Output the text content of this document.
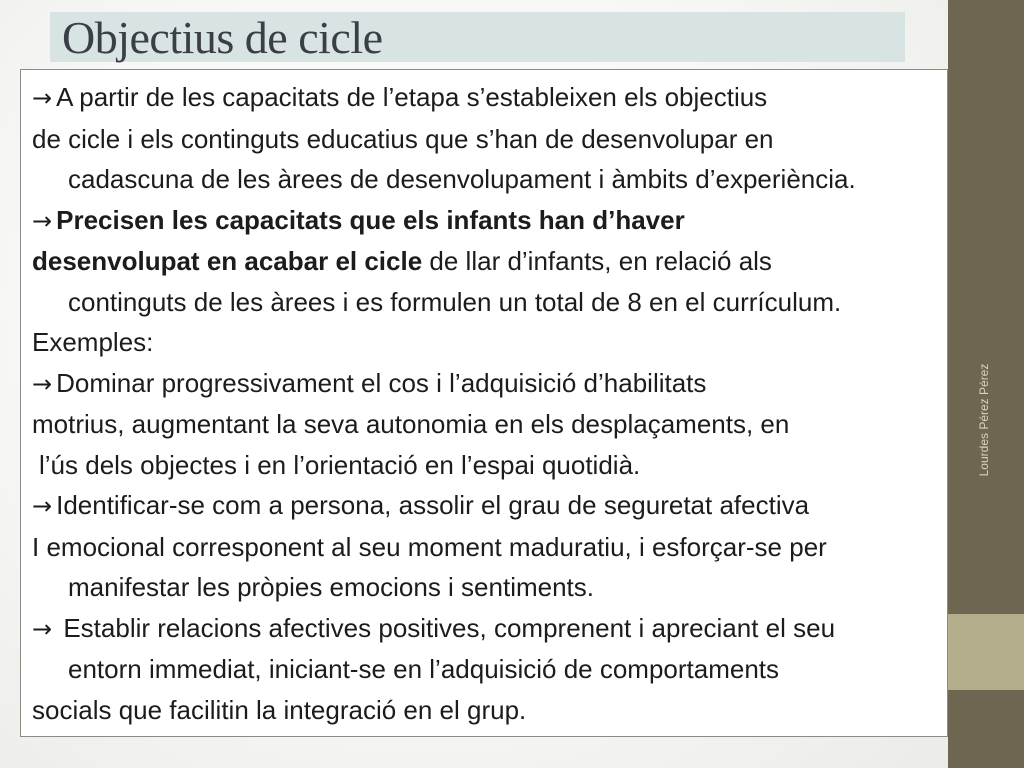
Objectius de cicle
→ A partir de les capacitats de l’etapa s’estableixen els objectius
de cicle i els continguts educatius que s’han de desenvolupar en
cadascuna de les àrees de desenvolupament i àmbits d’experiència.
→ Precisen les capacitats que els infants han d’haver
desenvolupat en acabar el cicle de llar d’infants, en relació als
continguts de les àrees i es formulen un total de 8 en el currículum.
Exemples:
→ Dominar progressivament el cos i l’adquisició d’habilitats
motrius, augmentant la seva autonomia en els desplaçaments, en
l’ús dels objectes i en l’orientació en l’espai quotidià.
→ Identificar-se com a persona, assolir el grau de seguretat afectiva
I emocional corresponent al seu moment maduratiu, i esforçar-se per
manifestar les pròpies emocions i sentiments.
→ Establir relacions afectives positives, comprenent i apreciant el seu
entorn immediat, iniciant-se en l’adquisició de comportaments
socials que facilitin la integració en el grup.
Lourdes Pérez Pérez
